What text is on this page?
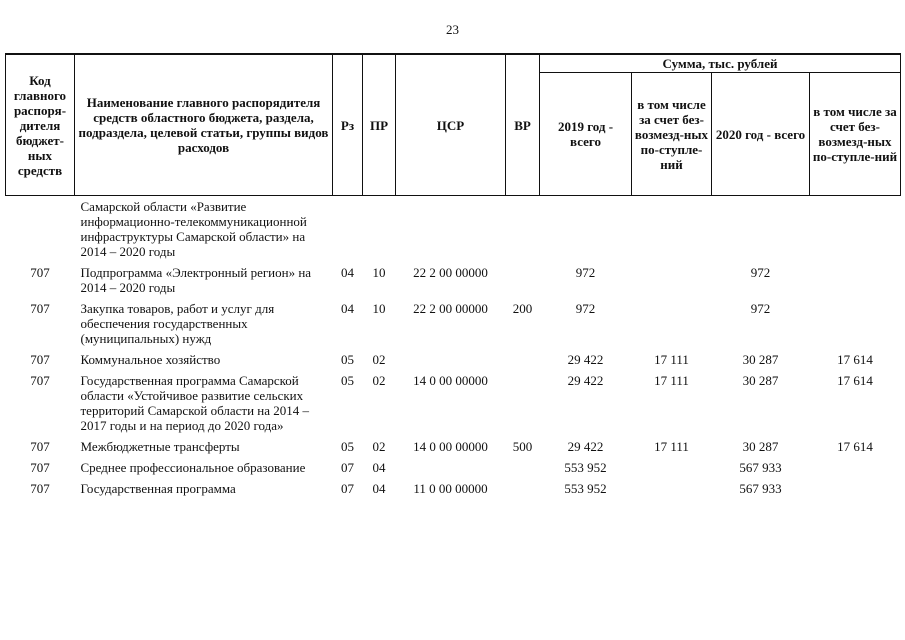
23
Код главного распоря-дителя бюджет-ных средств	Наименование главного распорядителя средств областного бюджета, раздела, подраздела, целевой статьи, группы видов расходов	Рз	ПР	ЦСР	ВР	Сумма, тыс. рублей			
						2019 год - всего	в том числе за счет без-возмезд-ных по-ступле-ний	2020 год - всего	в том числе за счет без-возмезд-ных по-ступле-ний
	Самарской области «Развитие информационно-телекоммуникационной инфраструктуры Самарской области» на 2014 – 2020 годы								
707	Подпрограмма «Электронный регион» на 2014 – 2020 годы	04	10	22 2 00 00000		972		972	
707	Закупка товаров, работ и услуг для обеспечения государственных (муниципальных) нужд	04	10	22 2 00 00000	200	972		972	
707	Коммунальное хозяйство	05	02			29 422	17 111	30 287	17 614
707	Государственная программа Самарской области «Устойчивое развитие сельских территорий Самарской области на 2014 – 2017 годы и на период до 2020 года»	05	02	14 0 00 00000		29 422	17 111	30 287	17 614
707	Межбюджетные трансферты	05	02	14 0 00 00000	500	29 422	17 111	30 287	17 614
707	Среднее профессиональное образование	07	04			553 952		567 933	
707	Государственная программа	07	04	11 0 00 00000		553 952		567 933	
